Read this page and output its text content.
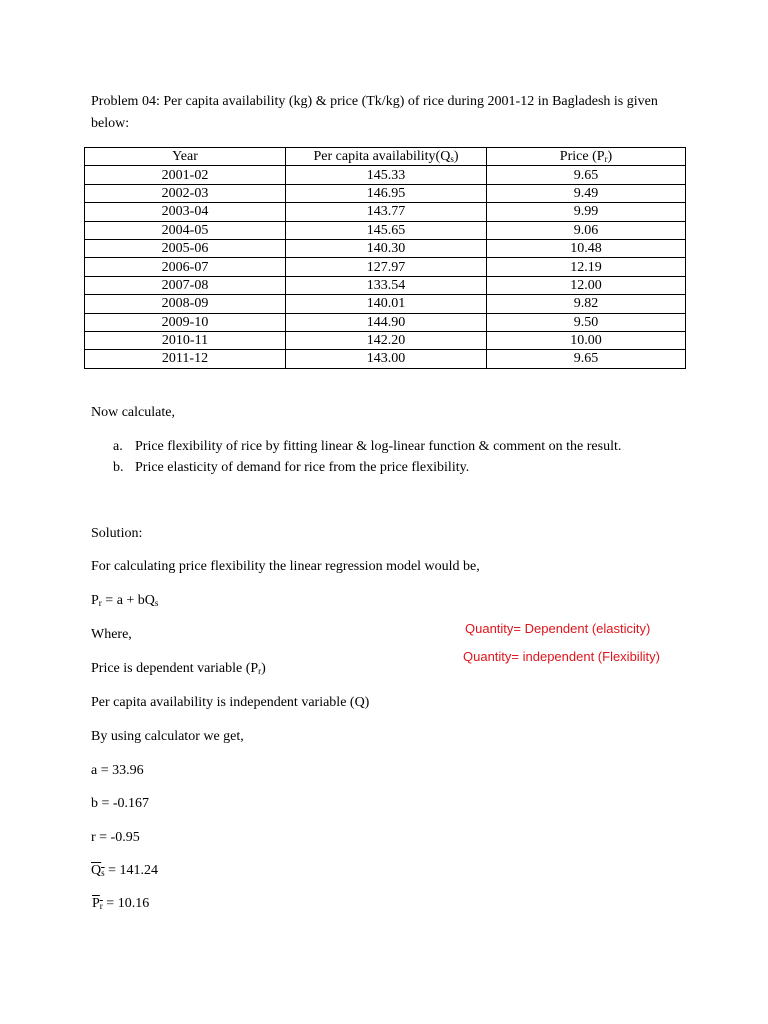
Problem 04: Per capita availability (kg) & price (Tk/kg) of rice during 2001-12 in Bagladesh is given below:
Year	Per capita $availability(Q_s)$	Price $(P_r)$
2001-02	145.33	9.65
2002-03	146.95	9.49
2003-04	143.77	9.99
2004-05	145.65	9.06
2005-06	140.30	10.48
2006-07	127.97	12.19
2007-08	133.54	12.00
2008-09	140.01	9.82
2009-10	144.90	9.50
2010-11	142.20	10.00
2011-12	143.00	9.65
Now calculate,
a. Price flexibility of rice by fitting linear & log-linear function & comment on the result.
b. Price elasticity of demand for rice from the price flexibility.
Solution:
For calculating price flexibility the linear regression model would be,
$P_r = a + bQ_s$
Where,
Price is dependent variable $(P_r)$
Per capita availability is independent variable (Q)
By using calculator we get,
a = 33.96
b = -0.167
r = -0.95
$\overline{Q}_{\overline{s}} = 141.24$
$\overline{P}_{\overline{r}} = 10.16$
Quantity= Dependent (elasticity)
Quantity= independent (Flexibility)
